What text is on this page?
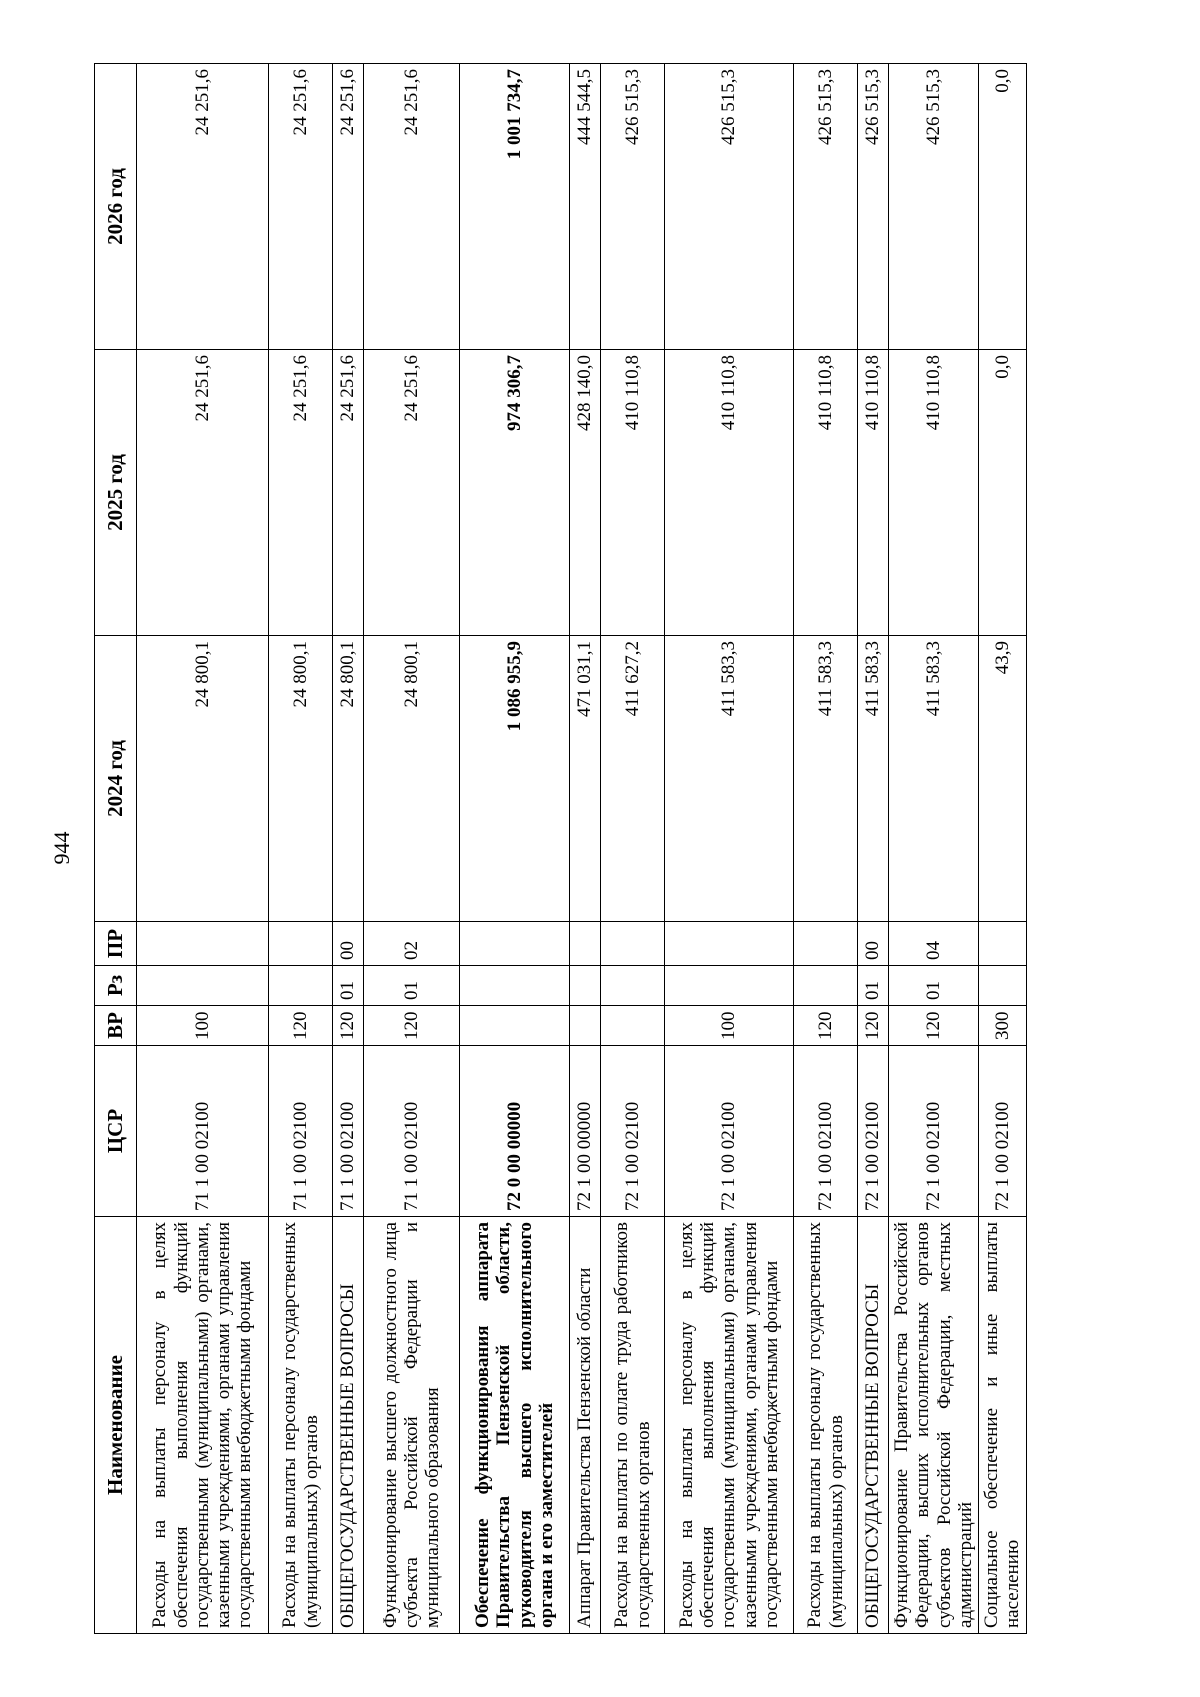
944
Наименование	ЦСР	ВР	Рз	ПР	2024 год	2025 год	2026 год
Расходы на выплаты персоналу в целях обеспечения выполнения функций государственными (муниципальными) органами, казенными учреждениями, органами управления государственными внебюджетными фондами	71 1 00 02100	100			24 800,1	24 251,6	24 251,6
Расходы на выплаты персоналу государственных (муниципальных) органов	71 1 00 02100	120			24 800,1	24 251,6	24 251,6
ОБЩЕГОСУДАРСТВЕННЫЕ ВОПРОСЫ	71 1 00 02100	120	01	00	24 800,1	24 251,6	24 251,6
Функционирование высшего должностного лица субъекта Российской Федерации и муниципального образования	71 1 00 02100	120	01	02	24 800,1	24 251,6	24 251,6
Обеспечение функционирования аппарата Правительства Пензенской области, руководителя высшего исполнительного органа и его заместителей	72 0 00 00000				1 086 955,9	974 306,7	1 001 734,7
Аппарат Правительства Пензенской области	72 1 00 00000				471 031,1	428 140,0	444 544,5
Расходы на выплаты по оплате труда работников государственных органов	72 1 00 02100				411 627,2	410 110,8	426 515,3
Расходы на выплаты персоналу в целях обеспечения выполнения функций государственными (муниципальными) органами, казенными учреждениями, органами управления государственными внебюджетными фондами	72 1 00 02100	100			411 583,3	410 110,8	426 515,3
Расходы на выплаты персоналу государственных (муниципальных) органов	72 1 00 02100	120			411 583,3	410 110,8	426 515,3
ОБЩЕГОСУДАРСТВЕННЫЕ ВОПРОСЫ	72 1 00 02100	120	01	00	411 583,3	410 110,8	426 515,3
Функционирование Правительства Российской Федерации, высших исполнительных органов субъектов Российской Федерации, местных администраций	72 1 00 02100	120	01	04	411 583,3	410 110,8	426 515,3
Социальное обеспечение и иные выплаты населению	72 1 00 02100	300			43,9	0,0	0,0
